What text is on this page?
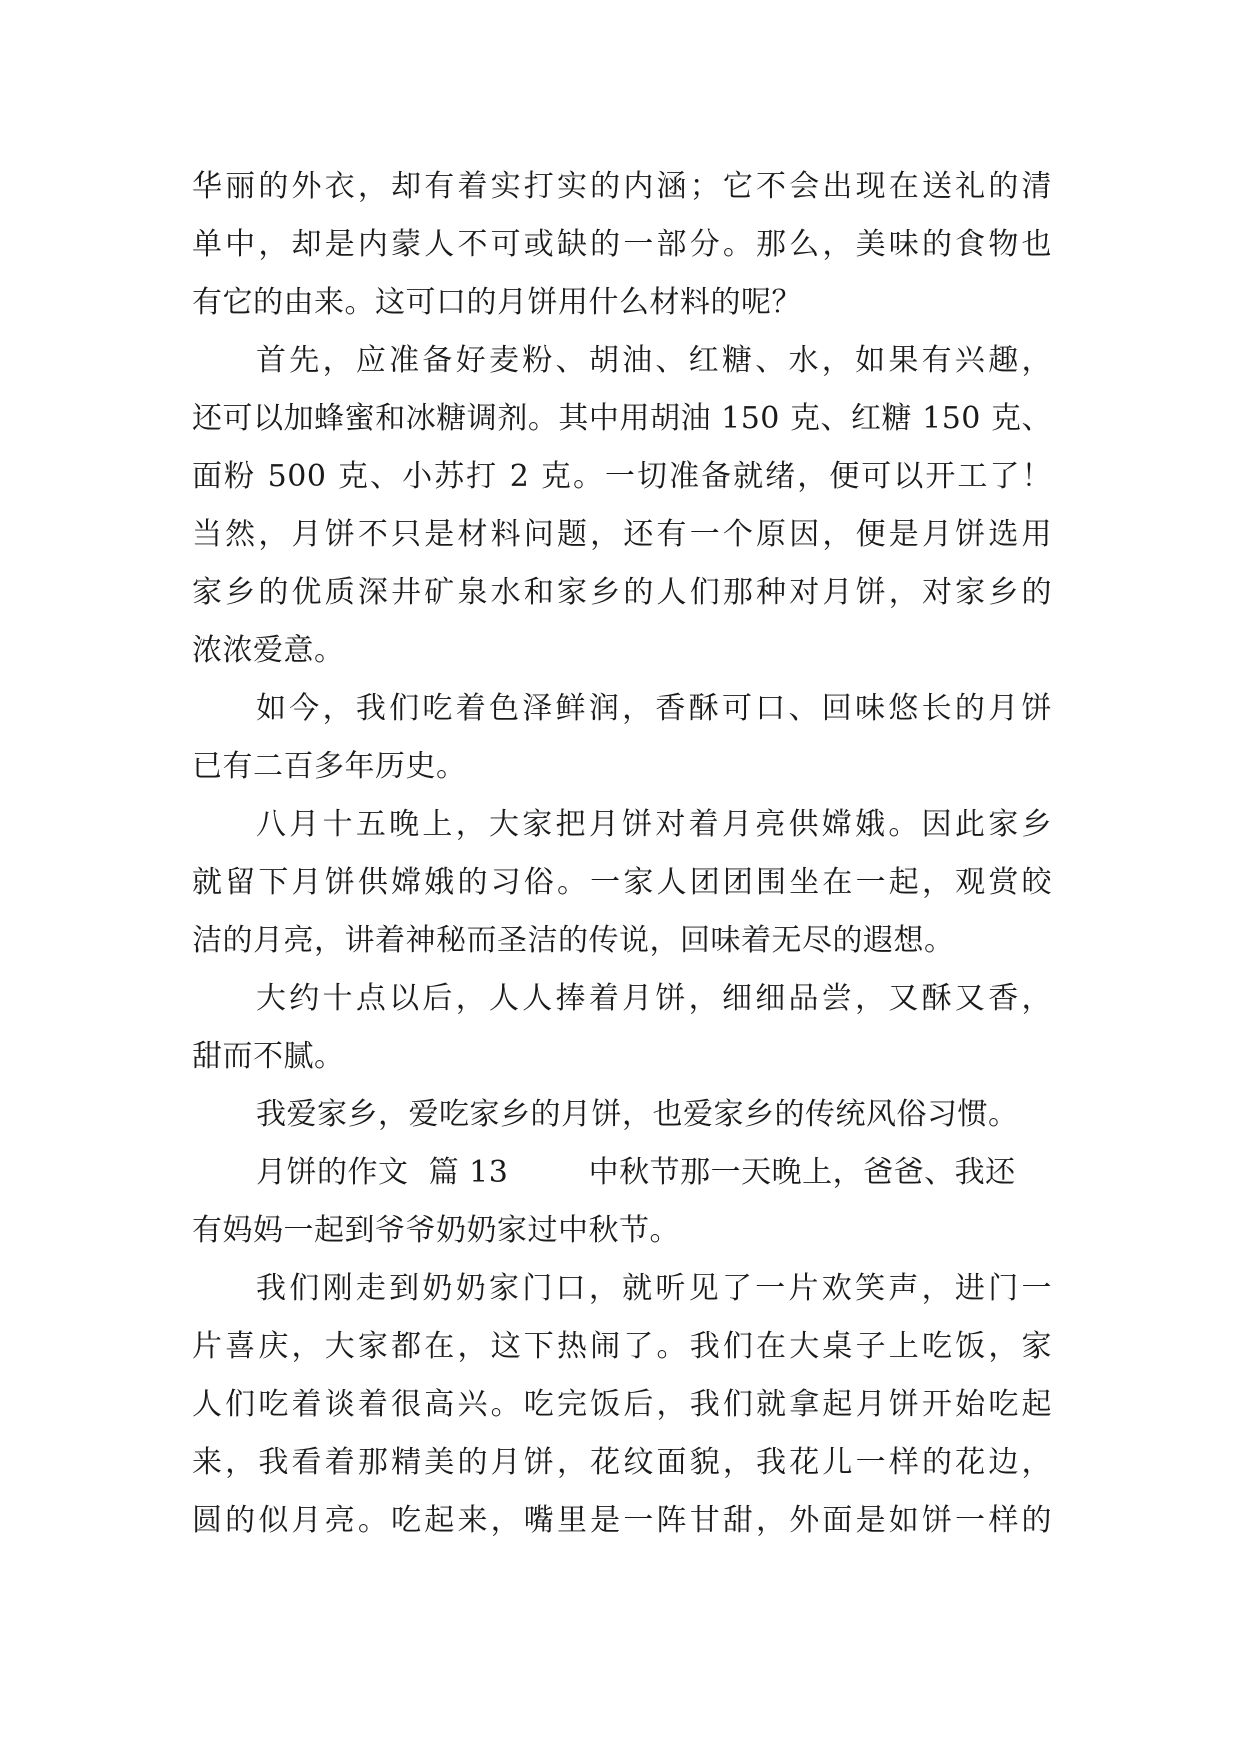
华丽的外衣，却有着实打实的内涵；它不会出现在送礼的清
单中，却是内蒙人不可或缺的一部分。那么，美味的食物也
有它的由来。这可口的月饼用什么材料的呢？
首先，应准备好麦粉、胡油、红糖、水，如果有兴趣，
还可以加蜂蜜和冰糖调剂。其中用胡油 150 克、红糖 150 克、
面粉 500 克、小苏打 2 克。一切准备就绪，便可以开工了！
当然，月饼不只是材料问题，还有一个原因，便是月饼选用
家乡的优质深井矿泉水和家乡的人们那种对月饼，对家乡的
浓浓爱意。
如今，我们吃着色泽鲜润，香酥可口、回味悠长的月饼
已有二百多年历史。
八月十五晚上，大家把月饼对着月亮供嫦娥。因此家乡
就留下月饼供嫦娥的习俗。一家人团团围坐在一起，观赏皎
洁的月亮，讲着神秘而圣洁的传说，回味着无尽的遐想。
大约十点以后，人人捧着月饼，细细品尝，又酥又香，
甜而不腻。
我爱家乡，爱吃家乡的月饼，也爱家乡的传统风俗习惯。
月饼的作文  篇 13        中秋节那一天晚上，爸爸、我还
有妈妈一起到爷爷奶奶家过中秋节。
我们刚走到奶奶家门口，就听见了一片欢笑声，进门一
片喜庆，大家都在，这下热闹了。我们在大桌子上吃饭，家
人们吃着谈着很高兴。吃完饭后，我们就拿起月饼开始吃起
来，我看着那精美的月饼，花纹面貌，我花儿一样的花边，
圆的似月亮。吃起来，嘴里是一阵甘甜，外面是如饼一样的
